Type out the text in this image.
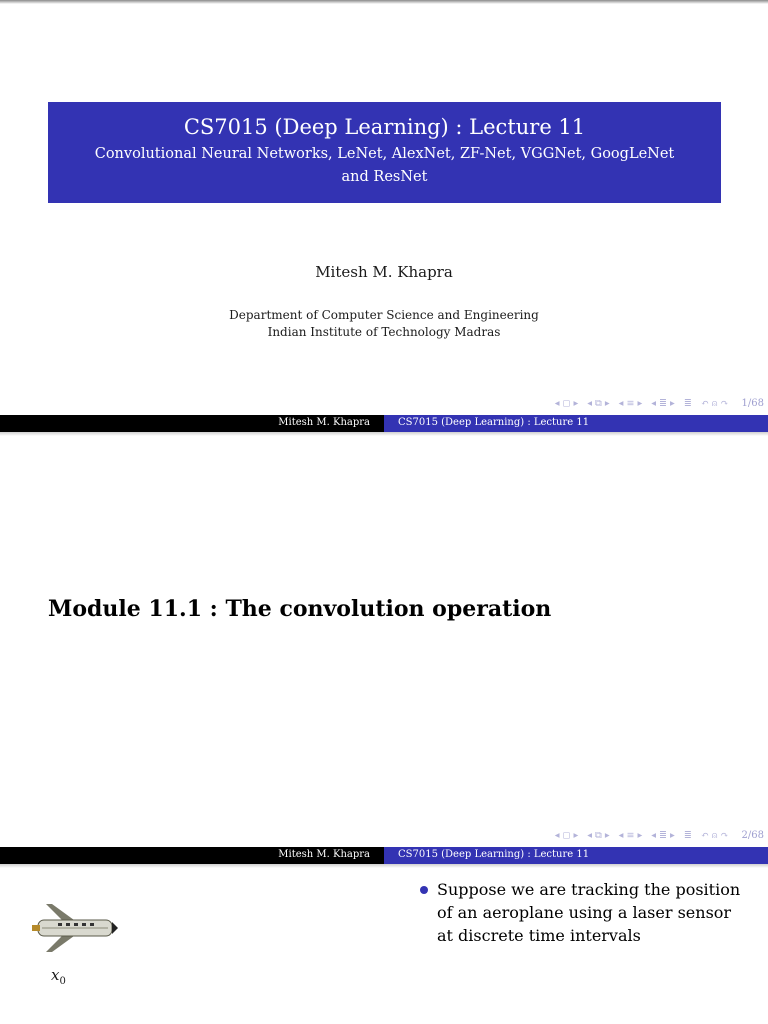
CS7015 (Deep Learning) : Lecture 11
Convolutional Neural Networks, LeNet, AlexNet, ZF-Net, VGGNet, GoogLeNet and ResNet
Mitesh M. Khapra
Department of Computer Science and Engineering
Indian Institute of Technology Madras
◂ ◻ ▸ ◂ ⧉ ▸ ◂ ≡ ▸ ◂ ≣ ▸ ≣ ↶ ⍝ ↷ 1/68
Mitesh M. Khapra	CS7015 (Deep Learning) : Lecture 11
Module 11.1 : The convolution operation
◂ ◻ ▸ ◂ ⧉ ▸ ◂ ≡ ▸ ◂ ≣ ▸ ≣ ↶ ⍝ ↷ 2/68
Mitesh M. Khapra	CS7015 (Deep Learning) : Lecture 11
$x_0$
Suppose we are tracking the position of an aeroplane using a laser sensor at discrete time intervals
